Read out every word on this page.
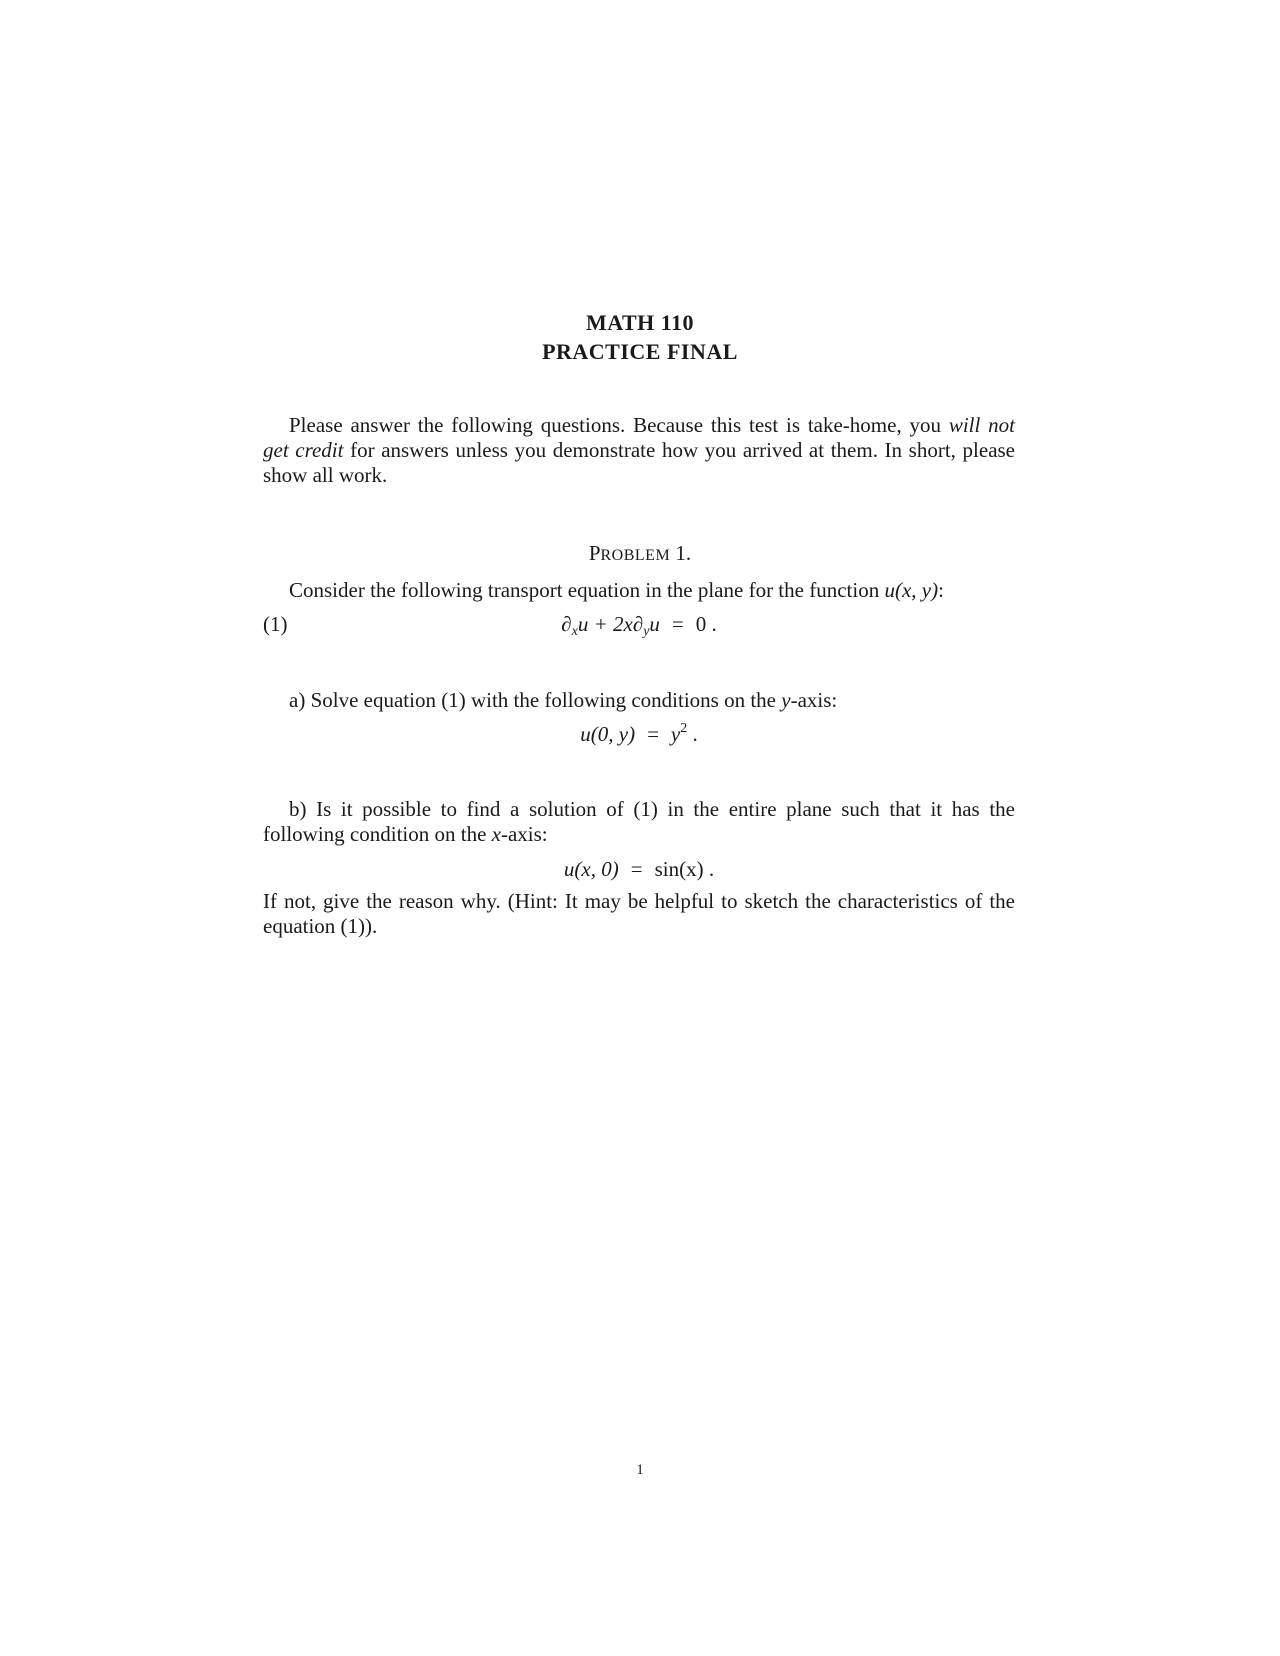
MATH 110
PRACTICE FINAL
Please answer the following questions. Because this test is take-home, you will not get credit for answers unless you demonstrate how you arrived at them. In short, please show all work.
PROBLEM 1.
Consider the following transport equation in the plane for the function u(x, y):
(1)	$\partial_xu + 2x\partial_yu = 0$ .
a) Solve equation (1) with the following conditions on the y-axis:
u(0, $y) = y^2$ .
b) Is it possible to find a solution of (1) in the entire plane such that it has the following condition on the x-axis:
u(x, 0) = sin(x) .
If not, give the reason why. (Hint: It may be helpful to sketch the characteristics of the equation (1)).
1
